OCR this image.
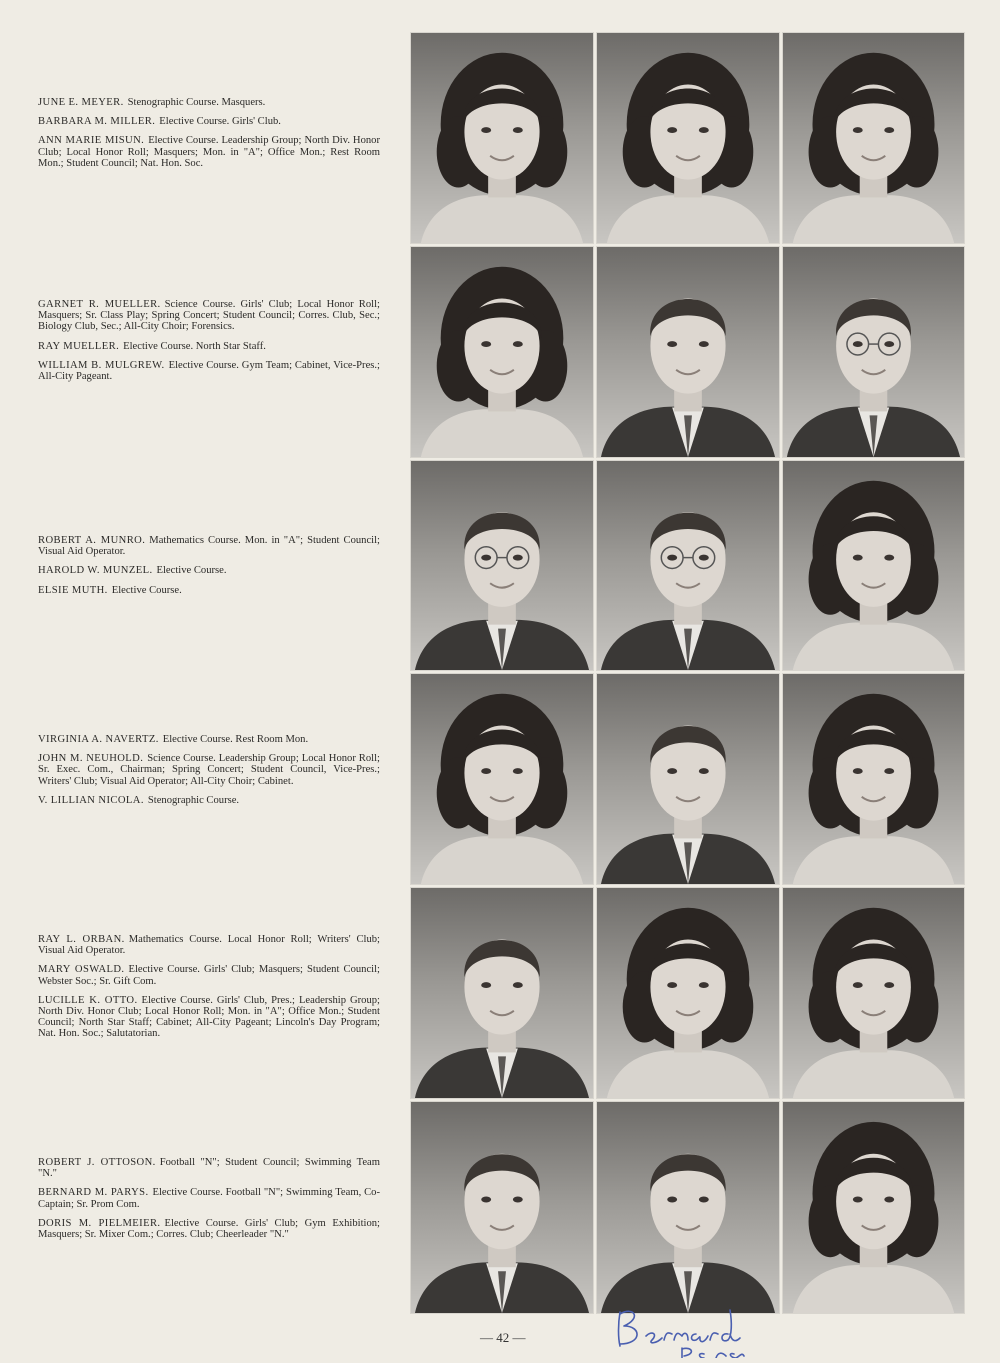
JUNE E. MEYER. Stenographic Course. Masquers.

BARBARA M. MILLER. Elective Course. Girls' Club.

ANN MARIE MISUN. Elective Course. Leadership Group; North Div. Honor Club; Local Honor Roll; Masquers; Mon. in "A"; Office Mon.; Rest Room Mon.; Student Council; Nat. Hon. Soc.

GARNET R. MUELLER. Science Course. Girls' Club; Local Honor Roll; Masquers; Sr. Class Play; Spring Concert; Student Council; Corres. Club, Sec.; Biology Club, Sec.; All-City Choir; Forensics.

RAY MUELLER. Elective Course. North Star Staff.

WILLIAM B. MULGREW. Elective Course. Gym Team; Cabinet, Vice-Pres.; All-City Pageant.

ROBERT A. MUNRO. Mathematics Course. Mon. in "A"; Student Council; Visual Aid Operator.

HAROLD W. MUNZEL. Elective Course.

ELSIE MUTH. Elective Course.

VIRGINIA A. NAVERTZ. Elective Course. Rest Room Mon.

JOHN M. NEUHOLD. Science Course. Leadership Group; Local Honor Roll; Sr. Exec. Com., Chairman; Spring Concert; Student Council, Vice-Pres.; Writers' Club; Visual Aid Operator; All-City Choir; Cabinet.

V. LILLIAN NICOLA. Stenographic Course.

RAY L. ORBAN. Mathematics Course. Local Honor Roll; Writers' Club; Visual Aid Operator.

MARY OSWALD. Elective Course. Girls' Club; Masquers; Student Council; Webster Soc.; Sr. Gift Com.

LUCILLE K. OTTO. Elective Course. Girls' Club, Pres.; Leadership Group; North Div. Honor Club; Local Honor Roll; Mon. in "A"; Office Mon.; Student Council; North Star Staff; Cabinet; All-City Pageant; Lincoln's Day Program; Nat. Hon. Soc.; Salutatorian.

ROBERT J. OTTOSON. Football "N"; Student Council; Swimming Team "N."

BERNARD M. PARYS. Elective Course. Football "N"; Swimming Team, Co-Captain; Sr. Prom Com.

DORIS M. PIELMEIER. Elective Course. Girls' Club; Gym Exhibition; Masquers; Sr. Mixer Com.; Corres. Club; Cheerleader "N."

— 42 —
